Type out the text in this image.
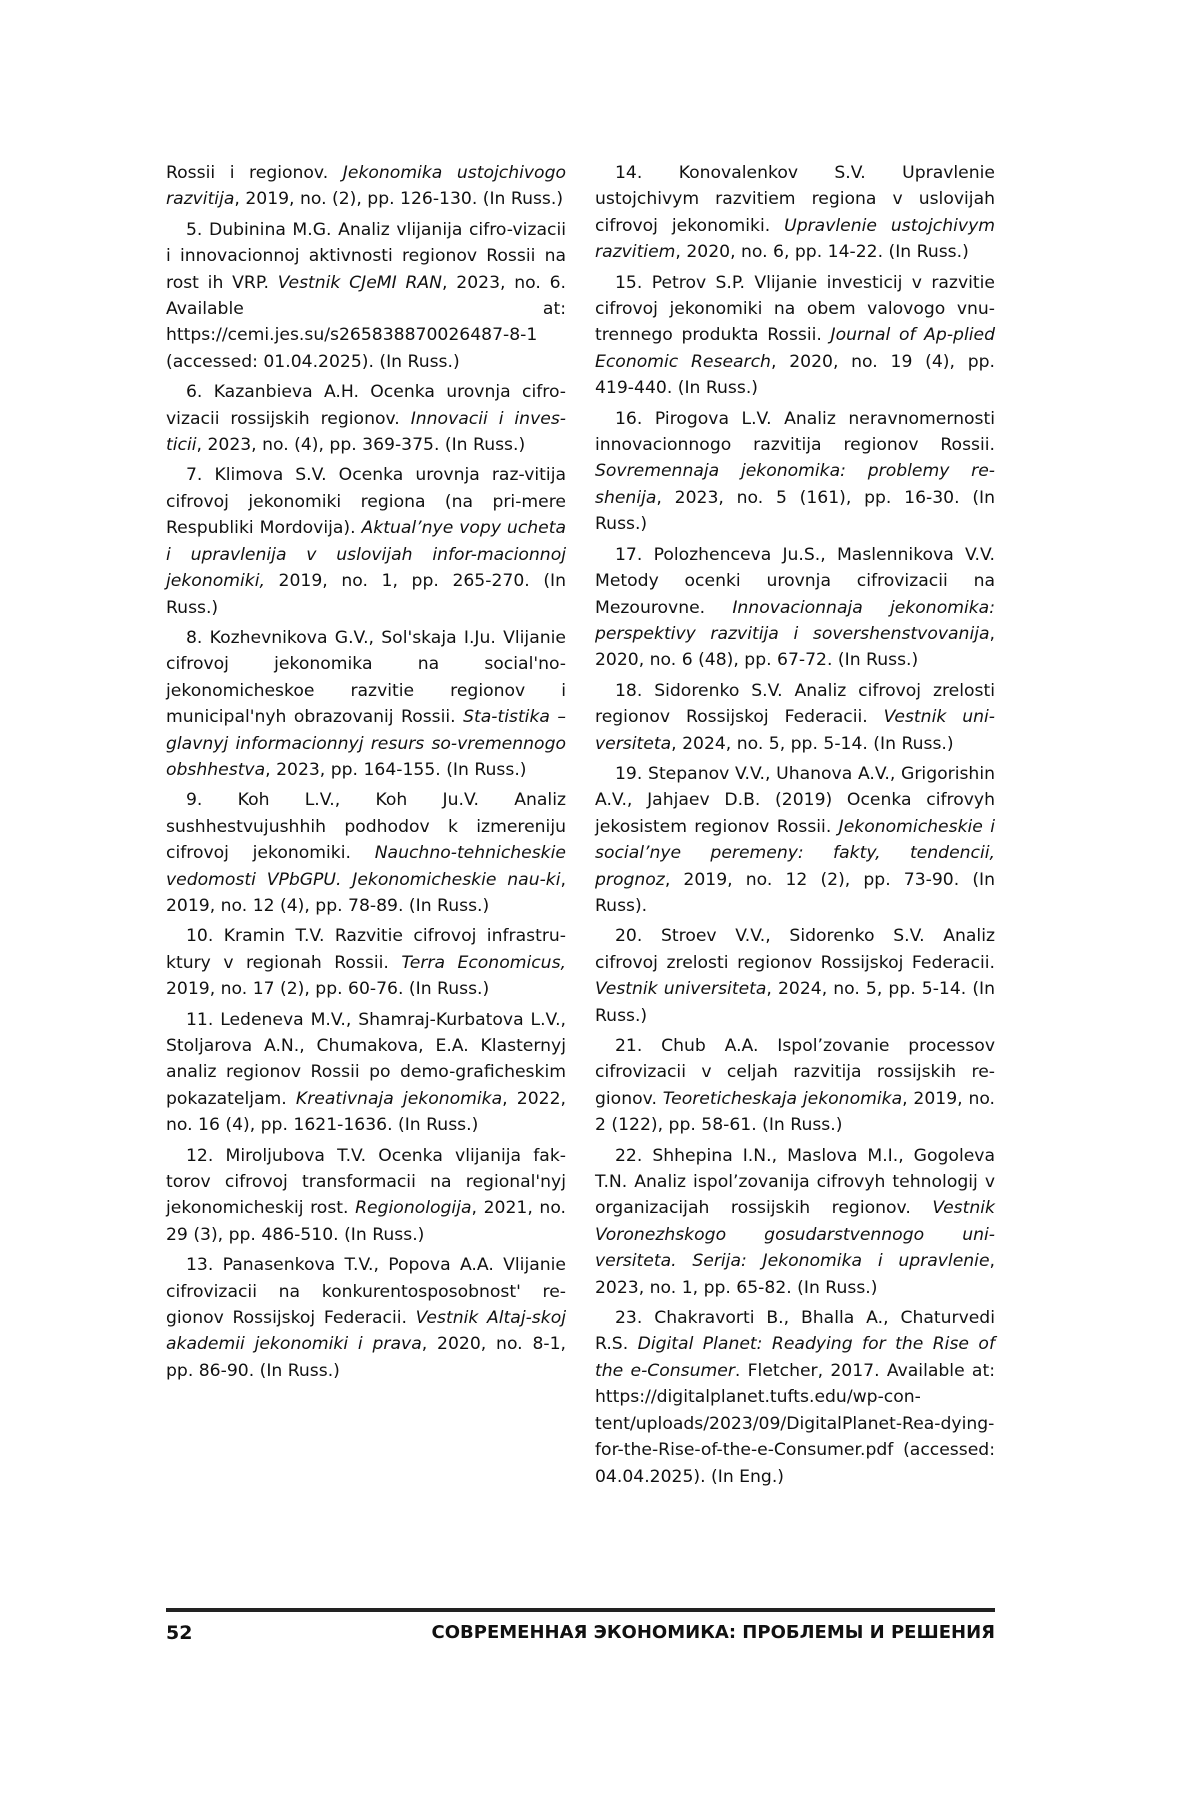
Rossii i regionov. Jekonomika ustojchivogo razvitija, 2019, no. (2), pp. 126-130. (In Russ.)

5. Dubinina M.G. Analiz vlijanija cifro-vizacii i innovacionnoj aktivnosti regionov Rossii na rost ih VRP. Vestnik CJeMI RAN, 2023, no. 6. Available at: https://cemi.jes.su/s265838870026487-8-1 (accessed: 01.04.2025). (In Russ.)

6. Kazanbieva A.H. Ocenka urovnja cifro-vizacii rossijskih regionov. Innovacii i inves-ticii, 2023, no. (4), pp. 369-375. (In Russ.)

7. Klimova S.V. Ocenka urovnja raz-vitija cifrovoj jekonomiki regiona (na pri-mere Respubliki Mordovija). Aktual’nye vopy ucheta i upravlenija v uslovijah infor-macionnoj jekonomiki, 2019, no. 1, pp. 265-270. (In Russ.)

8. Kozhevnikova G.V., Sol'skaja I.Ju. Vlijanie cifrovoj jekonomika na social'no-jekonomicheskoe razvitie regionov i municipal'nyh obrazovanij Rossii. Sta-tistika – glavnyj informacionnyj resurs so-vremennogo obshhestva, 2023, pp. 164-155. (In Russ.)

9. Koh L.V., Koh Ju.V. Analiz sushhestvujushhih podhodov k izmereniju cifrovoj jekonomiki. Nauchno-tehnicheskie vedomosti VPbGPU. Jekonomicheskie nau-ki, 2019, no. 12 (4), pp. 78-89. (In Russ.)

10. Kramin T.V. Razvitie cifrovoj infrastru-ktury v regionah Rossii. Terra Economicus, 2019, no. 17 (2), pp. 60-76. (In Russ.)

11. Ledeneva M.V., Shamraj-Kurbatova L.V., Stoljarova A.N., Chumakova, E.A. Klasternyj analiz regionov Rossii po demo-graficheskim pokazateljam. Kreativnaja jekonomika, 2022, no. 16 (4), pp. 1621-1636. (In Russ.)

12. Miroljubova T.V. Ocenka vlijanija fak-torov cifrovoj transformacii na regional'nyj jekonomicheskij rost. Regionologija, 2021, no. 29 (3), pp. 486-510. (In Russ.)

13. Panasenkova T.V., Popova A.A. Vlijanie cifrovizacii na konkurentosposobnost' re-gionov Rossijskoj Federacii. Vestnik Altaj-skoj akademii jekonomiki i prava, 2020, no. 8-1, pp. 86-90. (In Russ.)

14. Konovalenkov S.V. Upravlenie ustojchivym razvitiem regiona v uslovijah cifrovoj jekonomiki. Upravlenie ustojchivym razvitiem, 2020, no. 6, pp. 14-22. (In Russ.)

15. Petrov S.P. Vlijanie investicij v razvitie cifrovoj jekonomiki na obem valovogo vnu-trennego produkta Rossii. Journal of Ap-plied Economic Research, 2020, no. 19 (4), pp. 419-440. (In Russ.)

16. Pirogova L.V. Analiz neravnomernosti innovacionnogo razvitija regionov Rossii. Sovremennaja jekonomika: problemy re-shenija, 2023, no. 5 (161), pp. 16-30. (In Russ.)

17. Polozhenceva Ju.S., Maslennikova V.V. Metody ocenki urovnja cifrovizacii na Mezourovne. Innovacionnaja jekonomika: perspektivy razvitija i sovershenstvovanija, 2020, no. 6 (48), pp. 67-72. (In Russ.)

18. Sidorenko S.V. Analiz cifrovoj zrelosti regionov Rossijskoj Federacii. Vestnik uni-versiteta, 2024, no. 5, pp. 5-14. (In Russ.)

19. Stepanov V.V., Uhanova A.V., Grigorishin A.V., Jahjaev D.B. (2019) Ocenka cifrovyh jekosistem regionov Rossii. Jekonomicheskie i social’nye peremeny: fakty, tendencii, prognoz, 2019, no. 12 (2), pp. 73-90. (In Russ).

20. Stroev V.V., Sidorenko S.V. Analiz cifrovoj zrelosti regionov Rossijskoj Federacii. Vestnik universiteta, 2024, no. 5, pp. 5-14. (In Russ.)

21. Chub A.A. Ispol’zovanie processov cifrovizacii v celjah razvitija rossijskih re-gionov. Teoreticheskaja jekonomika, 2019, no. 2 (122), pp. 58-61. (In Russ.)

22. Shhepina I.N., Maslova M.I., Gogoleva T.N. Analiz ispol’zovanija cifrovyh tehnologij v organizacijah rossijskih regionov. Vestnik Voronezhskogo gosudarstvennogo uni-versiteta. Serija: Jekonomika i upravlenie, 2023, no. 1, pp. 65-82. (In Russ.)

23. Chakravorti B., Bhalla A., Chaturvedi R.S. Digital Planet: Readying for the Rise of the e-Consumer. Fletcher, 2017. Available at: https://digitalplanet.tufts.edu/wp-con-tent/uploads/2023/09/DigitalPlanet-Rea-dying-for-the-Rise-of-the-e-Consumer.pdf (accessed: 04.04.2025). (In Eng.)

52	СОВРЕМЕННАЯ ЭКОНОМИКА: ПРОБЛЕМЫ И РЕШЕНИЯ
